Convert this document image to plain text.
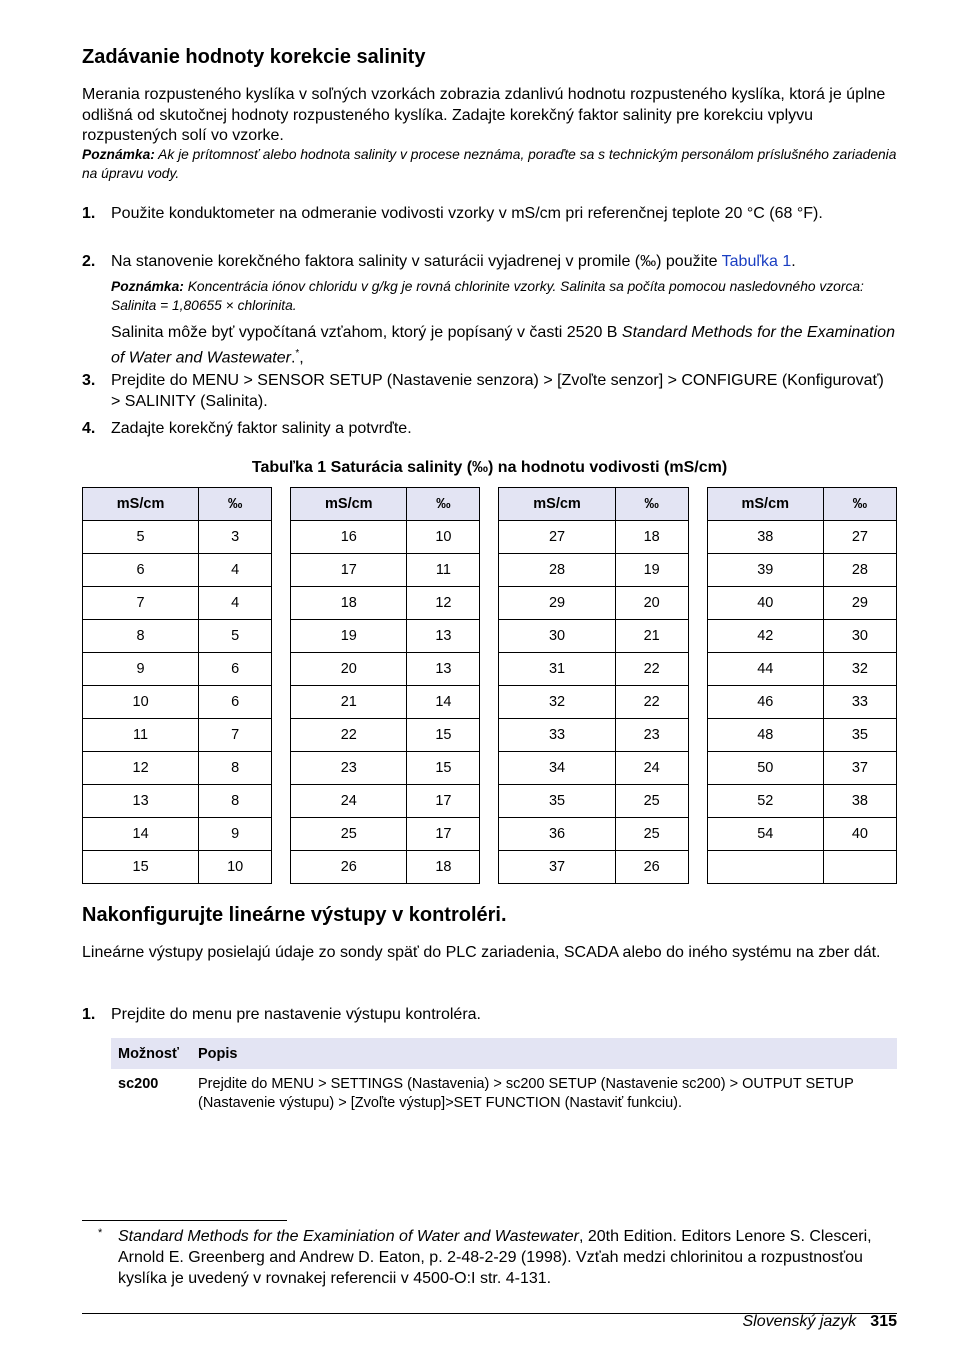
Zadávanie hodnoty korekcie salinity

Merania rozpusteného kyslíka v soľných vzorkách zobrazia zdanlivú hodnotu rozpusteného kyslíka, ktorá je úplne odlišná od skutočnej hodnoty rozpusteného kyslíka. Zadajte korekčný faktor salinity pre korekciu vplyvu rozpustených solí vo vzorke.

Poznámka: Ak je prítomnosť alebo hodnota salinity v procese neznáma, poraďte sa s technickým personálom príslušného zariadenia na úpravu vody.

1. Použite konduktometer na odmeranie vodivosti vzorky v mS/cm pri referenčnej teplote 20 °C (68 °F).
2. Na stanovenie korekčného faktora salinity v saturácii vyjadrenej v promile (‰) použite Tabuľka 1.

Poznámka: Koncentrácia iónov chloridu v g/kg je rovná chlorinite vzorky. Salinita sa počíta pomocou nasledovného vzorca: Salinita = 1,80655 × chlorinita.

Salinita môže byť vypočítaná vzťahom, ktorý je popísaný v časti 2520 B Standard Methods for the Examination of Water and Wastewater.*,

3. Prejdite do MENU > SENSOR SETUP (Nastavenie senzora) > [Zvoľte senzor] > CONFIGURE (Konfigurovať) > SALINITY (Salinita).
4. Zadajte korekčný faktor salinity a potvrďte.
Tabuľka 1 Saturácia salinity (‰) na hodnotu vodivosti (mS/cm)
mS/cm	‰		mS/cm	‰		mS/cm	‰		mS/cm	‰
5	3		16	10		27	18		38	27
6	4		17	11		28	19		39	28
7	4		18	12		29	20		40	29
8	5		19	13		30	21		42	30
9	6		20	13		31	22		44	32
10	6		21	14		32	22		46	33
11	7		22	15		33	23		48	35
12	8		23	15		34	24		50	37
13	8		24	17		35	25		52	38
14	9		25	17		36	25		54	40
15	10		26	18		37	26			
Nakonfigurujte lineárne výstupy v kontroléri.

Lineárne výstupy posielajú údaje zo sondy späť do PLC zariadenia, SCADA alebo do iného systému na zber dát.

1. Prejdite do menu pre nastavenie výstupu kontroléra.
Možnosť	Popis
sc200	Prejdite do MENU > SETTINGS (Nastavenia) > sc200 SETUP (Nastavenie sc200) > OUTPUT SETUP (Nastavenie výstupu) > [Zvoľte výstup]>SET FUNCTION (Nastaviť funkciu).
* Standard Methods for the Examiniation of Water and Wastewater, 20th Edition. Editors Lenore S. Clesceri, Arnold E. Greenberg and Andrew D. Eaton, p. 2-48-2-29 (1998). Vzťah medzi chlorinitou a rozpustnosťou kyslíka je uvedený v rovnakej referencii v 4500-O:I str. 4-131.
Slovenský jazyk 315
